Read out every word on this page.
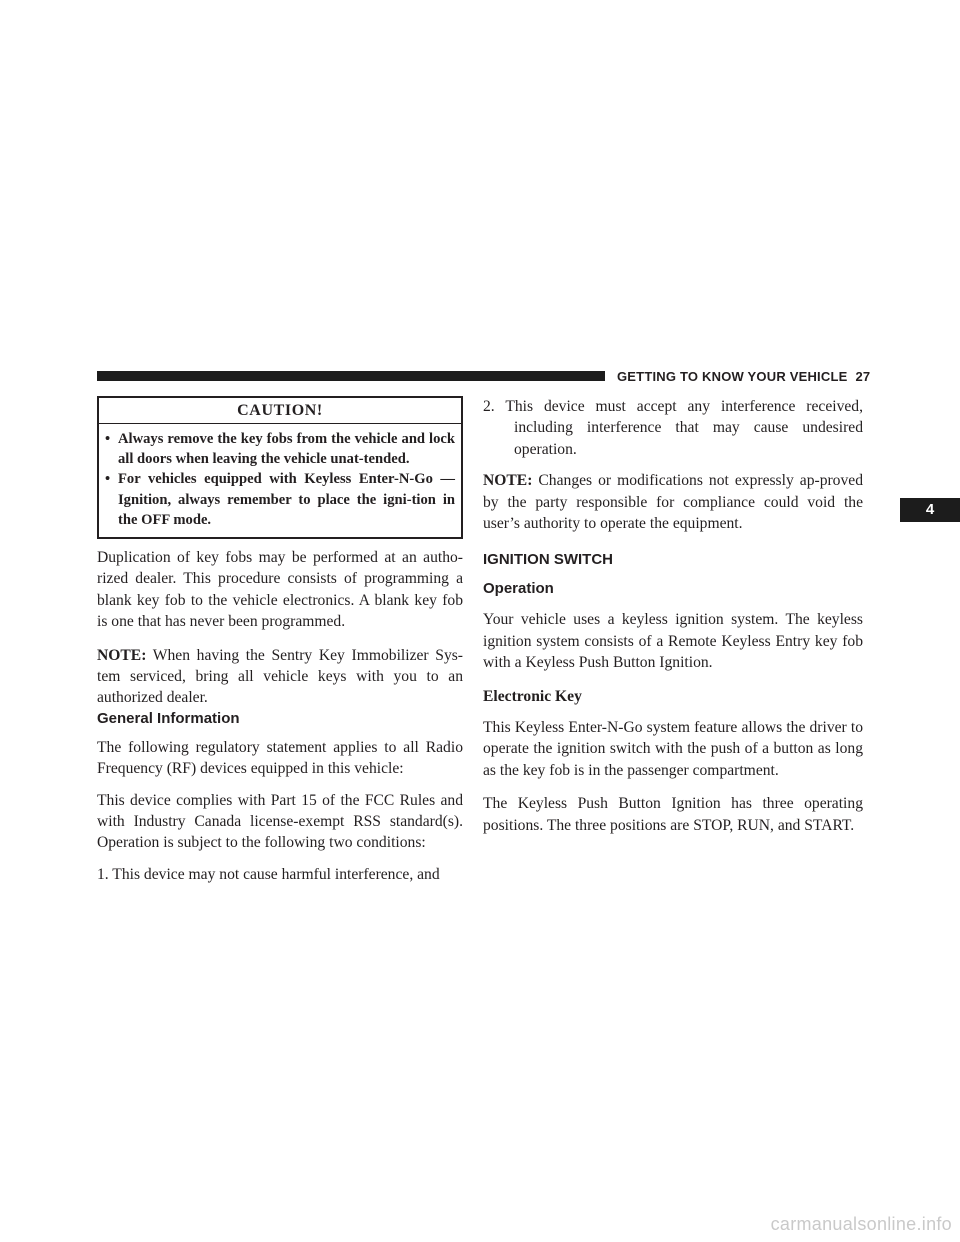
GETTING TO KNOW YOUR VEHICLE 27
CAUTION!
• Always remove the key fobs from the vehicle and lock all doors when leaving the vehicle unat-tended.
• For vehicles equipped with Keyless Enter-N-Go — Ignition, always remember to place the igni-tion in the OFF mode.

Duplication of key fobs may be performed at an autho-rized dealer. This procedure consists of programming a blank key fob to the vehicle electronics. A blank key fob is one that has never been programmed.

NOTE: When having the Sentry Key Immobilizer Sys-tem serviced, bring all vehicle keys with you to an authorized dealer.

General Information

The following regulatory statement applies to all Radio Frequency (RF) devices equipped in this vehicle:

This device complies with Part 15 of the FCC Rules and with Industry Canada license-exempt RSS standard(s). Operation is subject to the following two conditions:

1. This device may not cause harmful interference, and

2. This device must accept any interference received, including interference that may cause undesired operation.

NOTE: Changes or modifications not expressly ap-proved by the party responsible for compliance could void the user’s authority to operate the equipment.

IGNITION SWITCH
Operation

Your vehicle uses a keyless ignition system. The keyless ignition system consists of a Remote Keyless Entry key fob with a Keyless Push Button Ignition.

Electronic Key

This Keyless Enter-N-Go system feature allows the driver to operate the ignition switch with the push of a button as long as the key fob is in the passenger compartment.

The Keyless Push Button Ignition has three operating positions. The three positions are STOP, RUN, and START.

4
carmanualsonline.info
